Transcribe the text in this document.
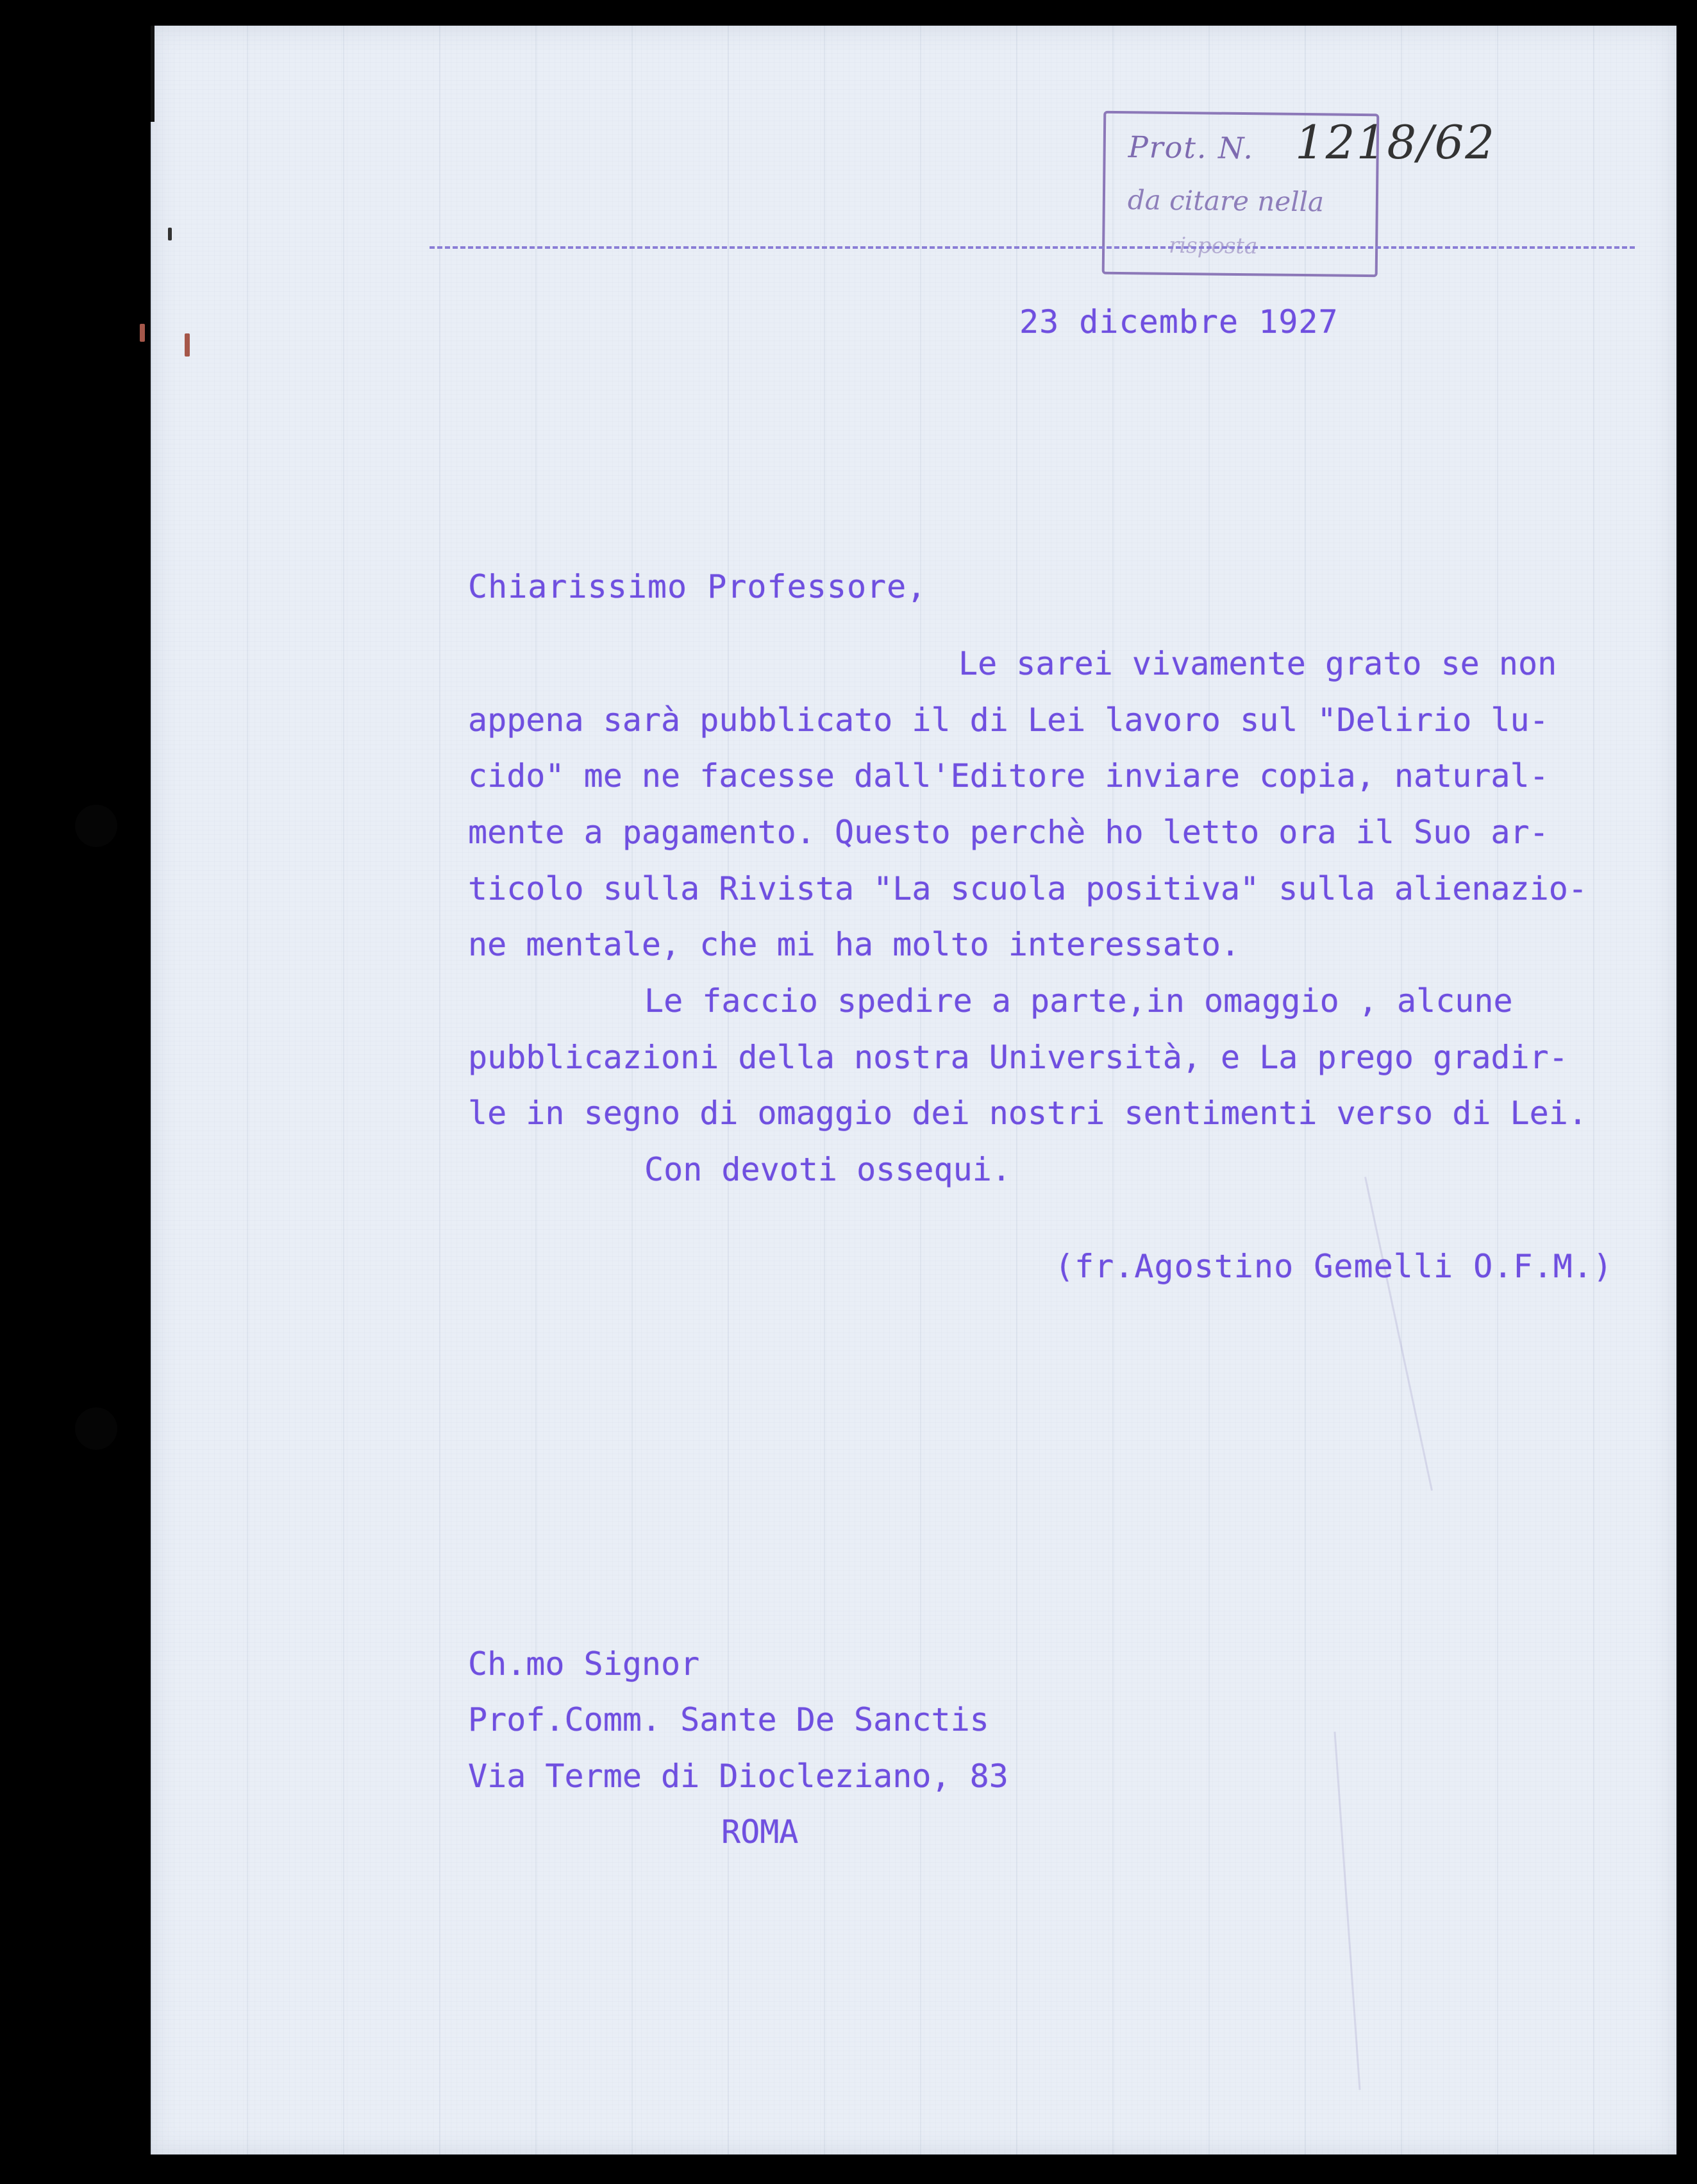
Prot. N.
da citare nella
risposta
1218/62
23 dicembre 1927
Chiarissimo Professore,
Le sarei vivamente grato se non
appena sarà pubblicato il di Lei lavoro sul "Delirio lu-
cido" me ne facesse dall'Editore inviare copia, natural-
mente a pagamento. Questo perchè ho letto ora il Suo ar-
ticolo sulla Rivista "La scuola positiva" sulla alienazio-
ne mentale, che mi ha molto interessato.
Le faccio spedire a parte,in omaggio , alcune
pubblicazioni della nostra Università, e La prego gradir-
le in segno di omaggio dei nostri sentimenti verso di Lei.
Con devoti ossequi.
(fr.Agostino Gemelli O.F.M.)
Ch.mo Signor
Prof.Comm. Sante De Sanctis
Via Terme di Diocleziano, 83
ROMA
